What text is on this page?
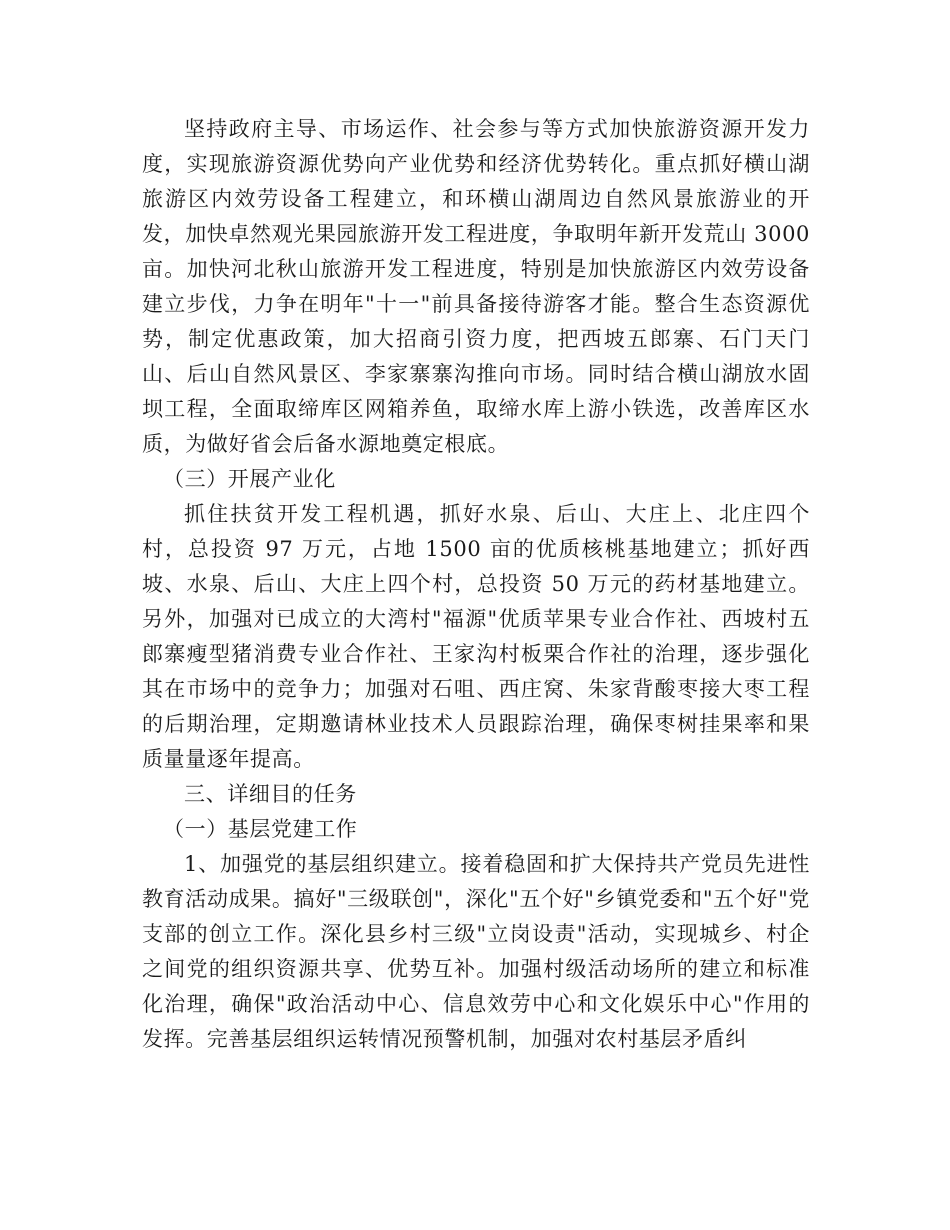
坚持政府主导、市场运作、社会参与等方式加快旅游资源开发力度，实现旅游资源优势向产业优势和经济优势转化。重点抓好横山湖旅游区内效劳设备工程建立，和环横山湖周边自然风景旅游业的开发，加快卓然观光果园旅游开发工程进度，争取明年新开发荒山 3000 亩。加快河北秋山旅游开发工程进度，特别是加快旅游区内效劳设备建立步伐，力争在明年"十一"前具备接待游客才能。整合生态资源优势，制定优惠政策，加大招商引资力度，把西坡五郎寨、石门天门山、后山自然风景区、李家寨寨沟推向市场。同时结合横山湖放水固坝工程，全面取缔库区网箱养鱼，取缔水库上游小铁选，改善库区水质，为做好省会后备水源地奠定根底。

（三）开展产业化

抓住扶贫开发工程机遇，抓好水泉、后山、大庄上、北庄四个村，总投资 97 万元，占地 1500 亩的优质核桃基地建立；抓好西坡、水泉、后山、大庄上四个村，总投资 50 万元的药材基地建立。另外，加强对已成立的大湾村"福源"优质苹果专业合作社、西坡村五郎寨瘦型猪消费专业合作社、王家沟村板栗合作社的治理，逐步强化其在市场中的竞争力；加强对石咀、西庄窝、朱家背酸枣接大枣工程的后期治理，定期邀请林业技术人员跟踪治理，确保枣树挂果率和果质量量逐年提高。

三、详细目的任务

（一）基层党建工作

1、加强党的基层组织建立。接着稳固和扩大保持共产党员先进性教育活动成果。搞好"三级联创"，深化"五个好"乡镇党委和"五个好"党支部的创立工作。深化县乡村三级"立岗设责"活动，实现城乡、村企之间党的组织资源共享、优势互补。加强村级活动场所的建立和标准化治理，确保"政治活动中心、信息效劳中心和文化娱乐中心"作用的发挥。完善基层组织运转情况预警机制，加强对农村基层矛盾纠
